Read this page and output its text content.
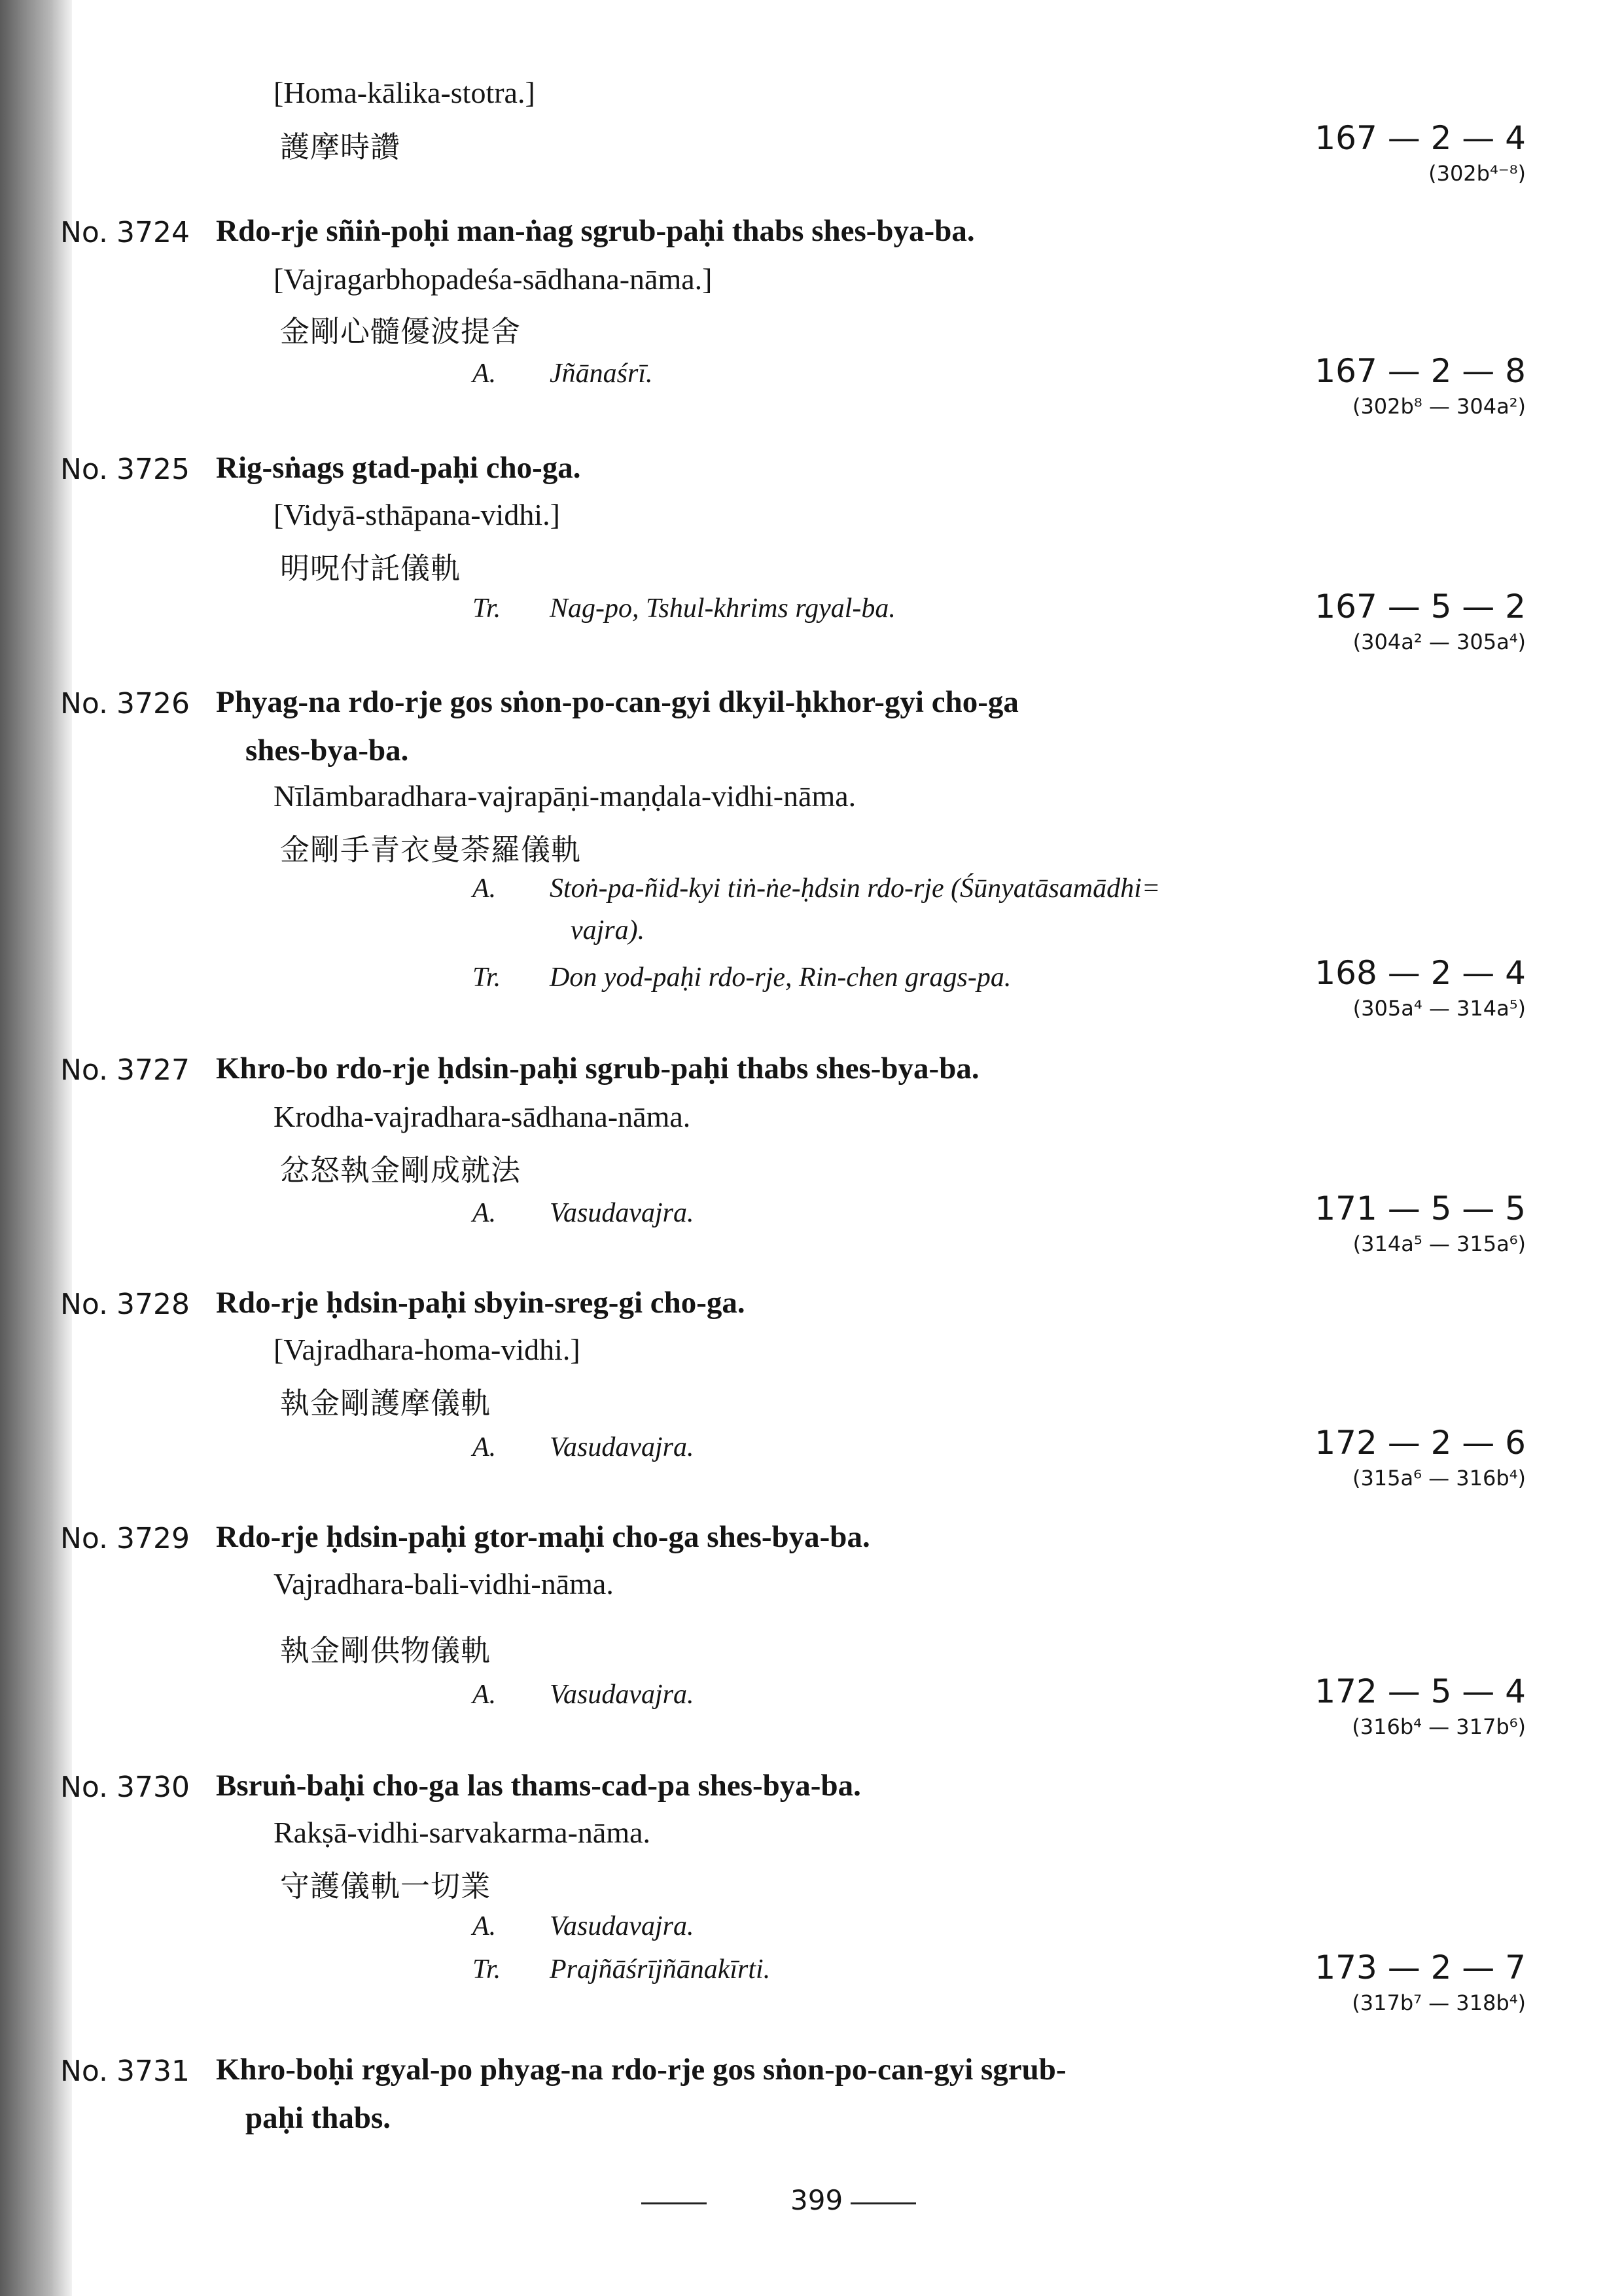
[Homa-kālika-stotra.]
護摩時讚	167 — 2 — 4
(302b⁴⁻⁸)
No. 3724 Rdo-rje sñiṅ-poḥi man-ṅag sgrub-paḥi thabs shes-bya-ba.
[Vajragarbhopadeśa-sādhana-nāma.]
金剛心髓優波提舍
A. Jñānaśrī.	167 — 2 — 8
(302b⁸ — 304a²)
No. 3725 Rig-sṅags gtad-paḥi cho-ga.
[Vidyā-sthāpana-vidhi.]
明呪付託儀軌
Tr. Nag-po, Tshul-khrims rgyal-ba.	167 — 5 — 2
(304a² — 305a⁴)
No. 3726 Phyag-na rdo-rje gos sṅon-po-can-gyi dkyil-ḥkhor-gyi cho-ga
shes-bya-ba.
Nīlāmbaradhara-vajrapāṇi-maṇḍala-vidhi-nāma.
金剛手青衣曼荼羅儀軌
A. Stoṅ-pa-ñid-kyi tiṅ-ṅe-ḥdsin rdo-rje (Śūnyatāsamādhi=
vajra).
Tr. Don yod-paḥi rdo-rje, Rin-chen grags-pa.	168 — 2 — 4
(305a⁴ — 314a⁵)
No. 3727 Khro-bo rdo-rje ḥdsin-paḥi sgrub-paḥi thabs shes-bya-ba.
Krodha-vajradhara-sādhana-nāma.
忿怒執金剛成就法
A. Vasudavajra.	171 — 5 — 5
(314a⁵ — 315a⁶)
No. 3728 Rdo-rje ḥdsin-paḥi sbyin-sreg-gi cho-ga.
[Vajradhara-homa-vidhi.]
執金剛護摩儀軌
A. Vasudavajra.	172 — 2 — 6
(315a⁶ — 316b⁴)
No. 3729 Rdo-rje ḥdsin-paḥi gtor-maḥi cho-ga shes-bya-ba.
Vajradhara-bali-vidhi-nāma.
執金剛供物儀軌
A. Vasudavajra.	172 — 5 — 4
(316b⁴ — 317b⁶)
No. 3730 Bsruṅ-baḥi cho-ga las thams-cad-pa shes-bya-ba.
Rakṣā-vidhi-sarvakarma-nāma.
守護儀軌一切業
A. Vasudavajra.
Tr. Prajñāśrījñānakīrti.	173 — 2 — 7
(317b⁷ — 318b⁴)
No. 3731 Khro-boḥi rgyal-po phyag-na rdo-rje gos sṅon-po-can-gyi sgrub-
paḥi thabs.
399
